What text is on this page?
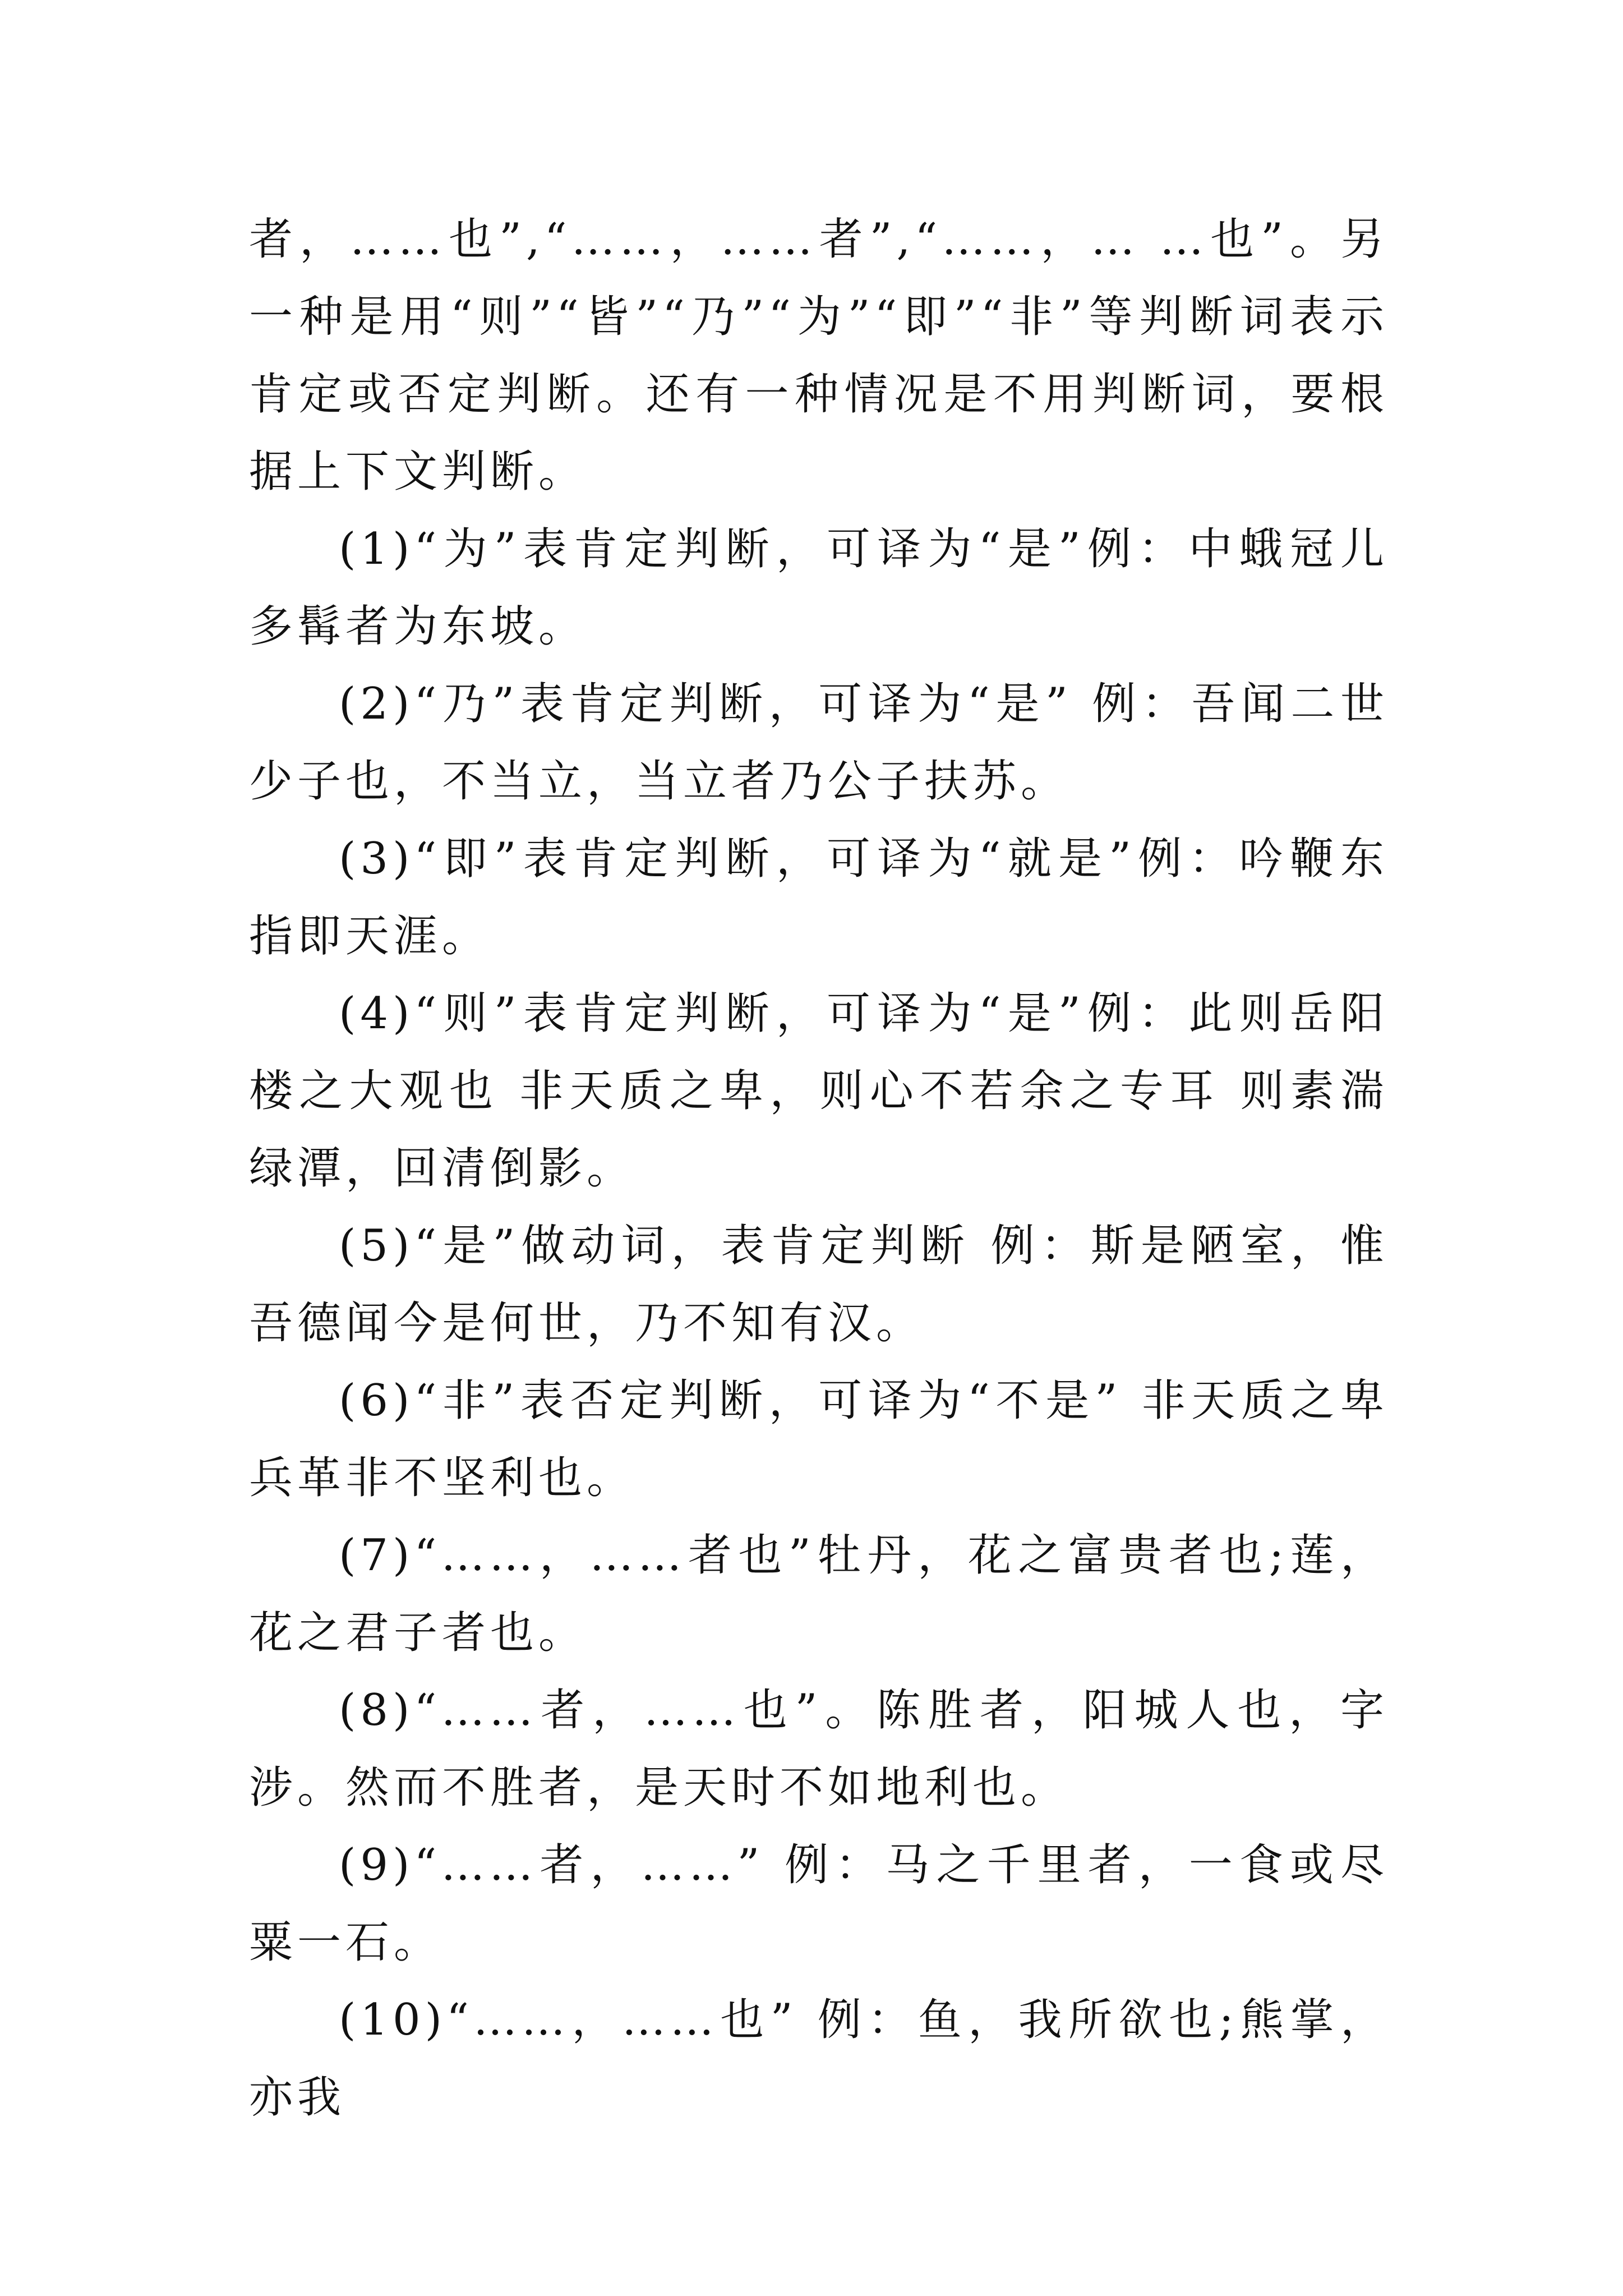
者，……也”,“……，……者”,“……，… …也”。另一种是用“则”“皆”“乃”“为”“即”“非”等判断词表示肯定或否定判断。还有一种情况是不用判断词，要根据上下文判断。

(1)“为”表肯定判断，可译为“是”例：中蛾冠儿多髯者为东坡。

(2)“乃”表肯定判断，可译为“是” 例：吾闻二世少子也，不当立，当立者乃公子扶苏。

(3)“即”表肯定判断，可译为“就是”例：吟鞭东指即天涯。

(4)“则”表肯定判断，可译为“是”例：此则岳阳楼之大观也 非天质之卑，则心不若余之专耳 则素湍绿潭，回清倒影。

(5)“是”做动词，表肯定判断 例：斯是陋室，惟吾德闻今是何世，乃不知有汉。

(6)“非”表否定判断，可译为“不是” 非天质之卑兵革非不坚利也。

(7)“……，……者也”牡丹，花之富贵者也;莲，花之君子者也。

(8)“……者，……也”。陈胜者，阳城人也，字涉。然而不胜者，是天时不如地利也。

(9)“……者，……” 例：马之千里者，一食或尽粟一石。

(10)“……，……也” 例：鱼，我所欲也;熊掌，亦我
